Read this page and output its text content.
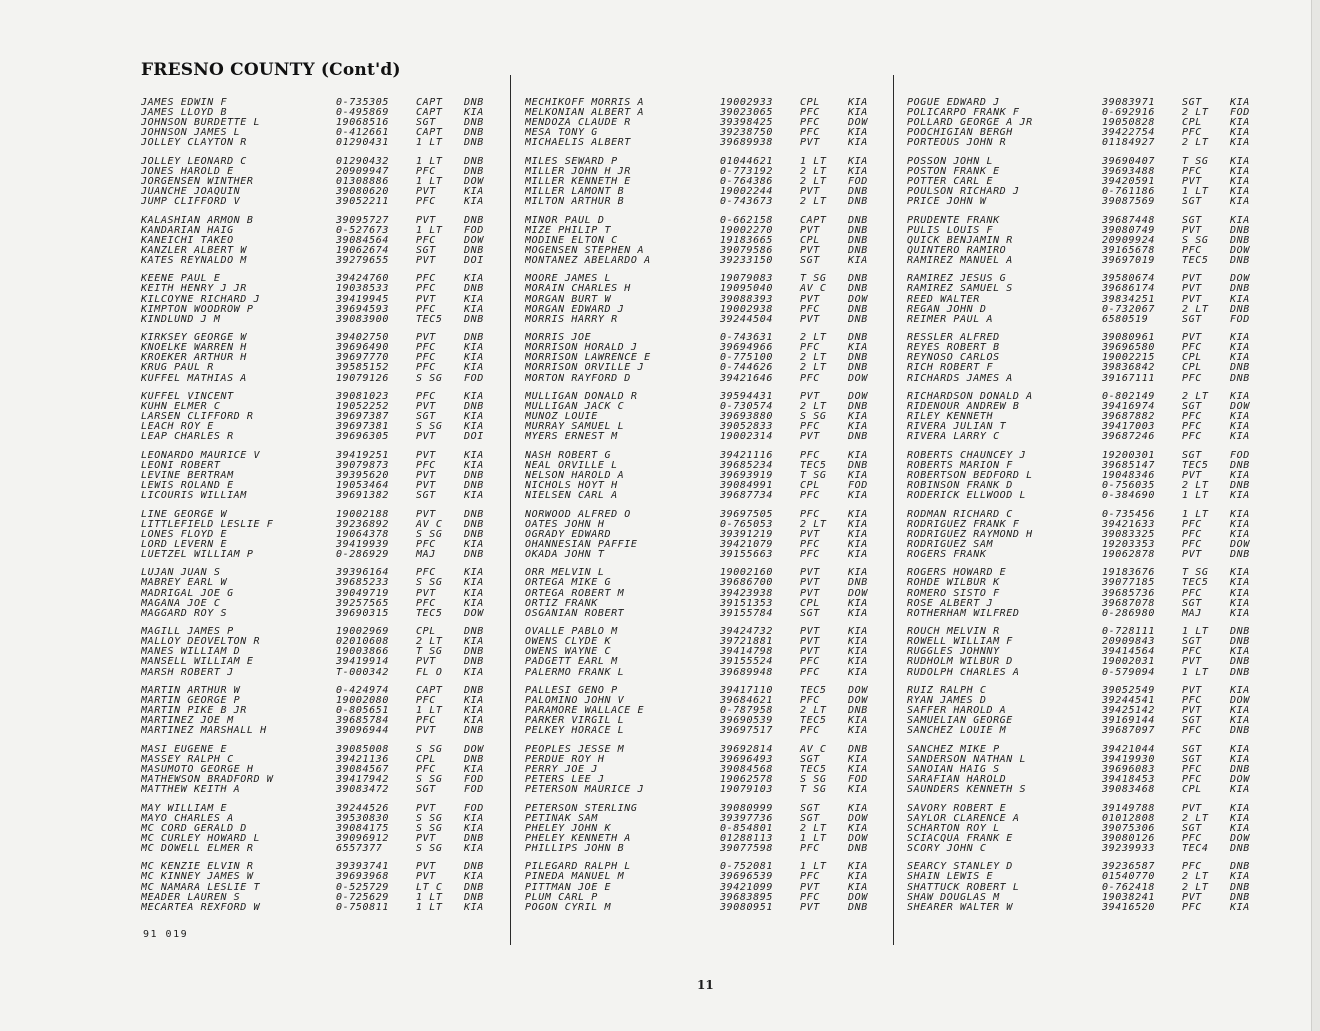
FRESNO COUNTY (Cont'd)
JAMES EDWIN F	0-735305	CAPT	DNB
JAMES LLOYD B	0-495869	CAPT	KIA
JOHNSON BURDETTE L	19068516	SGT	DNB
JOHNSON JAMES L	0-412661	CAPT	DNB
JOLLEY CLAYTON R	01290431	1 LT	DNB
JOLLEY LEONARD C	01290432	1 LT	DNB
JONES HAROLD E	20909947	PFC	DNB
JORGENSEN WINTHER	01308886	1 LT	DOW
JUANCHE JOAQUIN	39080620	PVT	KIA
JUMP CLIFFORD V	39052211	PFC	KIA
KALASHIAN ARMON B	39095727	PVT	DNB
KANDARIAN HAIG	0-527673	1 LT	FOD
KANEICHI TAKEO	39084564	PFC	DOW
KANZLER ALBERT W	19062674	SGT	DNB
KATES REYNALDO M	39279655	PVT	DOI
KEENE PAUL E	39424760	PFC	KIA
KEITH HENRY J JR	19038533	PFC	DNB
KILCOYNE RICHARD J	39419945	PVT	KIA
KIMPTON WOODROW P	39694593	PFC	KIA
KINDLUND J M	39083900	TEC5	DNB
KIRKSEY GEORGE W	39402750	PVT	DNB
KNOELKE WARREN H	39696490	PFC	KIA
KROEKER ARTHUR H	39697770	PFC	KIA
KRUG PAUL R	39585152	PFC	KIA
KUFFEL MATHIAS A	19079126	S SG	FOD
KUFFEL VINCENT	39081023	PFC	KIA
KUHN ELMER C	19052252	PVT	DNB
LARSEN CLIFFORD R	39697387	SGT	KIA
LEACH ROY E	39697381	S SG	KIA
LEAP CHARLES R	39696305	PVT	DOI
LEONARDO MAURICE V	39419251	PVT	KIA
LEONI ROBERT	39079873	PFC	KIA
LEVINE BERTRAM	39395620	PVT	DNB
LEWIS ROLAND E	19053464	PVT	DNB
LICOURIS WILLIAM	39691382	SGT	KIA
LINE GEORGE W	19002188	PVT	DNB
LITTLEFIELD LESLIE F	39236892	AV C	DNB
LONES FLOYD E	19064378	S SG	DNB
LORD LEVERN E	39419939	PFC	KIA
LUETZEL WILLIAM P	0-286929	MAJ	DNB
LUJAN JUAN S	39396164	PFC	KIA
MABREY EARL W	39685233	S SG	KIA
MADRIGAL JOE G	39049719	PVT	KIA
MAGANA JOE C	39257565	PFC	KIA
MAGGARD ROY S	39690315	TEC5	DOW
MAGILL JAMES P	19002969	CPL	DNB
MALLOY DEOVELTON R	02010608	2 LT	KIA
MANES WILLIAM D	19003866	T SG	DNB
MANSELL WILLIAM E	39419914	PVT	DNB
MARSH ROBERT J	T-000342	FL O	KIA
MARTIN ARTHUR W	0-424974	CAPT	DNB
MARTIN GEORGE P	19002080	PFC	KIA
MARTIN PIKE B JR	0-805651	1 LT	KIA
MARTINEZ JOE M	39685784	PFC	KIA
MARTINEZ MARSHALL H	39096944	PVT	DNB
MASI EUGENE E	39085008	S SG	DOW
MASSEY RALPH C	39421136	CPL	DNB
MASUMOTO GEORGE H	39084567	PFC	KIA
MATHEWSON BRADFORD W	39417942	S SG	FOD
MATTHEW KEITH A	39083472	SGT	FOD
MAY WILLIAM E	39244526	PVT	FOD
MAYO CHARLES A	39530830	S SG	KIA
MC CORD GERALD D	39084175	S SG	KIA
MC CURLEY HOWARD L	39096912	PVT	DNB
MC DOWELL ELMER R	6557377	S SG	KIA
MC KENZIE ELVIN R	39393741	PVT	DNB
MC KINNEY JAMES W	39693968	PVT	KIA
MC NAMARA LESLIE T	0-525729	LT C	DNB
MEADER LAUREN S	0-725629	1 LT	DNB
MECARTEA REXFORD W	0-750811	1 LT	KIA
MECHIKOFF MORRIS A	19002933	CPL	KIA
MELKONIAN ALBERT A	39023065	PFC	KIA
MENDOZA CLAUDE R	39398425	PFC	DOW
MESA TONY G	39238750	PFC	KIA
MICHAELIS ALBERT	39689938	PVT	KIA
MILES SEWARD P	01044621	1 LT	KIA
MILLER JOHN H JR	0-773192	2 LT	KIA
MILLER KENNETH E	0-764386	2 LT	FOD
MILLER LAMONT B	19002244	PVT	DNB
MILTON ARTHUR B	0-743673	2 LT	DNB
MINOR PAUL D	0-662158	CAPT	DNB
MIZE PHILIP T	19002270	PVT	DNB
MODINE ELTON C	19183665	CPL	DNB
MOGENSEN STEPHEN A	39079586	PVT	DNB
MONTANEZ ABELARDO A	39233150	SGT	KIA
MOORE JAMES L	19079083	T SG	DNB
MORAIN CHARLES H	19095040	AV C	DNB
MORGAN BURT W	39088393	PVT	DOW
MORGAN EDWARD J	19002938	PFC	DNB
MORRIS HARRY R	39244504	PVT	DNB
MORRIS JOE	0-743631	2 LT	DNB
MORRISON HORALD J	39694966	PFC	KIA
MORRISON LAWRENCE E	0-775100	2 LT	DNB
MORRISON ORVILLE J	0-744626	2 LT	DNB
MORTON RAYFORD D	39421646	PFC	DOW
MULLIGAN DONALD R	39594431	PVT	DOW
MULLIGAN JACK C	0-730574	2 LT	DNB
MUNOZ LOUIE	39693880	S SG	KIA
MURRAY SAMUEL L	39052833	PFC	KIA
MYERS ERNEST M	19002314	PVT	DNB
NASH ROBERT G	39421116	PFC	KIA
NEAL ORVILLE L	39685234	TEC5	DNB
NELSON HAROLD A	39693919	T SG	KIA
NICHOLS HOYT H	39084991	CPL	FOD
NIELSEN CARL A	39687734	PFC	KIA
NORWOOD ALFRED O	39697505	PFC	KIA
OATES JOHN H	0-765053	2 LT	KIA
OGRADY EDWARD	39391219	PVT	KIA
OHANNESIAN PAFFIE	39421079	PFC	KIA
OKADA JOHN T	39155663	PFC	KIA
ORR MELVIN L	19002160	PVT	KIA
ORTEGA MIKE G	39686700	PVT	DNB
ORTEGA ROBERT M	39423938	PVT	DOW
ORTIZ FRANK	39151353	CPL	KIA
OSGANIAN ROBERT	39155784	SGT	KIA
OVALLE PABLO M	39424732	PVT	KIA
OWENS CLYDE K	39721881	PVT	KIA
OWENS WAYNE C	39414798	PVT	KIA
PADGETT EARL M	39155524	PFC	KIA
PALERMO FRANK L	39689948	PFC	KIA
PALLESI GENO P	39417110	TEC5	DOW
PALOMINO JOHN V	39684621	PFC	DOW
PARAMORE WALLACE E	0-787958	2 LT	DNB
PARKER VIRGIL L	39690539	TEC5	KIA
PELKEY HORACE L	39697517	PFC	KIA
PEOPLES JESSE M	39692814	AV C	DNB
PERDUE ROY H	39696493	SGT	KIA
PERRY JOE J	39084568	TEC5	KIA
PETERS LEE J	19062578	S SG	FOD
PETERSON MAURICE J	19079103	T SG	KIA
PETERSON STERLING	39080999	SGT	KIA
PETINAK SAM	39397736	SGT	DOW
PHELEY JOHN K	0-854801	2 LT	KIA
PHELEY KENNETH A	01288113	1 LT	DOW
PHILLIPS JOHN B	39077598	PFC	DNB
PILEGARD RALPH L	0-752081	1 LT	KIA
PINEDA MANUEL M	39696539	PFC	KIA
PITTMAN JOE E	39421099	PVT	KIA
PLUM CARL P	39683895	PFC	DOW
POGON CYRIL M	39080951	PVT	DNB
POGUE EDWARD J	39083971	SGT	KIA
POLICARPO FRANK F	0-692916	2 LT	FOD
POLLARD GEORGE A JR	19050828	CPL	KIA
POOCHIGIAN BERGH	39422754	PFC	KIA
PORTEOUS JOHN R	01184927	2 LT	KIA
POSSON JOHN L	39690407	T SG	KIA
POSTON FRANK E	39693488	PFC	KIA
POTTER CARL E	39420591	PVT	KIA
POULSON RICHARD J	0-761186	1 LT	KIA
PRICE JOHN W	39087569	SGT	KIA
PRUDENTE FRANK	39687448	SGT	KIA
PULIS LOUIS F	39080749	PVT	DNB
QUICK BENJAMIN R	20909924	S SG	DNB
QUINTERO RAMIRO	39165678	PFC	DOW
RAMIREZ MANUEL A	39697019	TEC5	DNB
RAMIREZ JESUS G	39580674	PVT	DOW
RAMIREZ SAMUEL S	39686174	PVT	DNB
REED WALTER	39834251	PVT	KIA
REGAN JOHN D	0-732067	2 LT	DNB
REIMER PAUL A	6580519	SGT	FOD
RESSLER ALFRED	39080961	PVT	KIA
REYES ROBERT B	39696580	PFC	KIA
REYNOSO CARLOS	19002215	CPL	KIA
RICH ROBERT F	39836842	CPL	DNB
RICHARDS JAMES A	39167111	PFC	DNB
RICHARDSON DONALD A	0-802149	2 LT	KIA
RIDENOUR ANDREW B	39416974	SGT	DOW
RILEY KENNETH	39687882	PFC	KIA
RIVERA JULIAN T	39417003	PFC	KIA
RIVERA LARRY C	39687246	PFC	KIA
ROBERTS CHAUNCEY J	19200301	SGT	FOD
ROBERTS MARION F	39685147	TEC5	DNB
ROBERTSON BEDFORD L	19048346	PVT	KIA
ROBINSON FRANK D	0-756035	2 LT	DNB
RODERICK ELLWOOD L	0-384690	1 LT	KIA
RODMAN RICHARD C	0-735456	1 LT	KIA
RODRIGUEZ FRANK F	39421633	PFC	KIA
RODRIGUEZ RAYMOND H	39083325	PFC	KIA
RODRIGUEZ SAM	19203353	PFC	DOW
ROGERS FRANK	19062878	PVT	DNB
ROGERS HOWARD E	19183676	T SG	KIA
ROHDE WILBUR K	39077185	TEC5	KIA
ROMERO SISTO F	39685736	PFC	KIA
ROSE ALBERT J	39687078	SGT	KIA
ROTHERHAM WILFRED	0-286980	MAJ	KIA
ROUCH MELVIN R	0-728111	1 LT	DNB
ROWELL WILLIAM F	20909843	SGT	DNB
RUGGLES JOHNNY	39414564	PFC	KIA
RUDHOLM WILBUR D	19002031	PVT	DNB
RUDOLPH CHARLES A	0-579094	1 LT	DNB
RUIZ RALPH C	39052549	PVT	KIA
RYAN JAMES D	39244541	PFC	DOW
SAFFER HAROLD A	39425142	PVT	KIA
SAMUELIAN GEORGE	39169144	SGT	KIA
SANCHEZ LOUIE M	39687097	PFC	DNB
SANCHEZ MIKE P	39421044	SGT	KIA
SANDERSON NATHAN L	39419930	SGT	KIA
SANOIAN HAIG S	39696083	PFC	DNB
SARAFIAN HAROLD	39418453	PFC	DOW
SAUNDERS KENNETH S	39083468	CPL	KIA
SAVORY ROBERT E	39149788	PVT	KIA
SAYLOR CLARENCE A	01012808	2 LT	KIA
SCHARTON ROY L	39075306	SGT	KIA
SCIACQUA FRANK E	39080126	PFC	DOW
SCORY JOHN C	39239933	TEC4	DNB
SEARCY STANLEY D	39236587	PFC	DNB
SHAIN LEWIS E	01540770	2 LT	KIA
SHATTUCK ROBERT L	0-762418	2 LT	DNB
SHAW DOUGLAS M	19038241	PVT	DNB
SHEARER WALTER W	39416520	PFC	KIA
91 019
11
